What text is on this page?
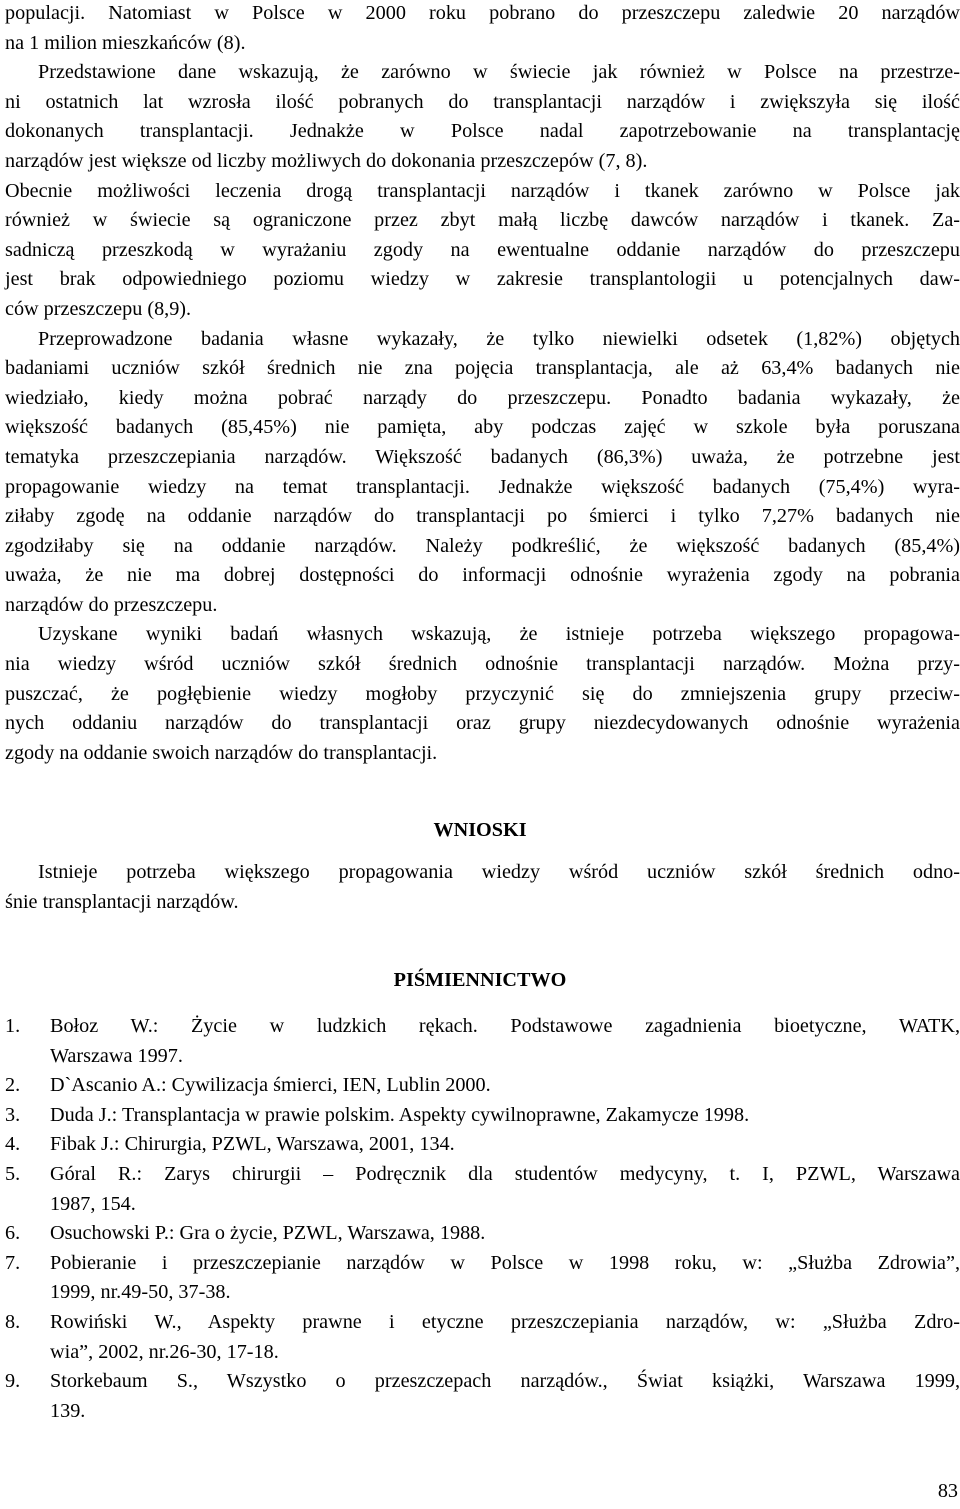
populacji. Natomiast w Polsce w 2000 roku pobrano do przeszczepu zaledwie 20 narządów
na 1 milion mieszkańców (8).
Przedstawione dane wskazują, że zarówno w świecie jak również w Polsce na przestrze-
ni ostatnich lat wzrosła ilość pobranych do transplantacji narządów i zwiększyła się ilość
dokonanych transplantacji. Jednakże w Polsce nadal zapotrzebowanie na transplantację
narządów jest większe od liczby możliwych do dokonania przeszczepów (7, 8).
Obecnie możliwości leczenia drogą transplantacji narządów i tkanek zarówno w Polsce jak
również w świecie są ograniczone przez zbyt małą liczbę dawców narządów i tkanek. Za-
sadniczą przeszkodą w wyrażaniu zgody na ewentualne oddanie narządów do przeszczepu
jest brak odpowiedniego poziomu wiedzy w zakresie transplantologii u potencjalnych daw-
ców przeszczepu (8,9).
Przeprowadzone badania własne wykazały, że tylko niewielki odsetek (1,82%) objętych
badaniami uczniów szkół średnich nie zna pojęcia transplantacja, ale aż 63,4% badanych nie
wiedziało, kiedy można pobrać narządy do przeszczepu. Ponadto badania wykazały, że
większość badanych (85,45%) nie pamięta, aby podczas zajęć w szkole była poruszana
tematyka przeszczepiania narządów. Większość badanych (86,3%) uważa, że potrzebne jest
propagowanie wiedzy na temat transplantacji. Jednakże większość badanych (75,4%) wyra-
ziłaby zgodę na oddanie narządów do transplantacji po śmierci i tylko 7,27% badanych nie
zgodziłaby się na oddanie narządów. Należy podkreślić, że większość badanych (85,4%)
uważa, że nie ma dobrej dostępności do informacji odnośnie wyrażenia zgody na pobrania
narządów do przeszczepu.
Uzyskane wyniki badań własnych wskazują, że istnieje potrzeba większego propagowa-
nia wiedzy wśród uczniów szkół średnich odnośnie transplantacji narządów. Można przy-
puszczać, że pogłębienie wiedzy mogłoby przyczynić się do zmniejszenia grupy przeciw-
nych oddaniu narządów do transplantacji oraz grupy niezdecydowanych odnośnie wyrażenia
zgody na oddanie swoich narządów do transplantacji.
WNIOSKI
Istnieje potrzeba większego propagowania wiedzy wśród uczniów szkół średnich odno-
śnie transplantacji narządów.
PIŚMIENNICTWO
1.	Bołoz W.: Życie w ludzkich rękach. Podstawowe zagadnienia bioetyczne, WATK,
Warszawa 1997.
2.	D`Ascanio A.: Cywilizacja śmierci, IEN, Lublin 2000.
3.	Duda J.: Transplantacja w prawie polskim. Aspekty cywilnoprawne, Zakamycze 1998.
4.	Fibak J.: Chirurgia, PZWL, Warszawa, 2001, 134.
5.	Góral R.: Zarys chirurgii – Podręcznik dla studentów medycyny, t. I, PZWL, Warszawa
1987, 154.
6.	Osuchowski P.: Gra o życie, PZWL, Warszawa, 1988.
7.	Pobieranie i przeszczepianie narządów w Polsce w 1998 roku, w: „Służba Zdrowia”,
1999, nr.49-50, 37-38.
8.	Rowiński W., Aspekty prawne i etyczne przeszczepiania narządów, w: „Służba Zdro-
wia”, 2002, nr.26-30, 17-18.
9.	Storkebaum S., Wszystko o przeszczepach narządów., Świat książki, Warszawa 1999,
139.
83
